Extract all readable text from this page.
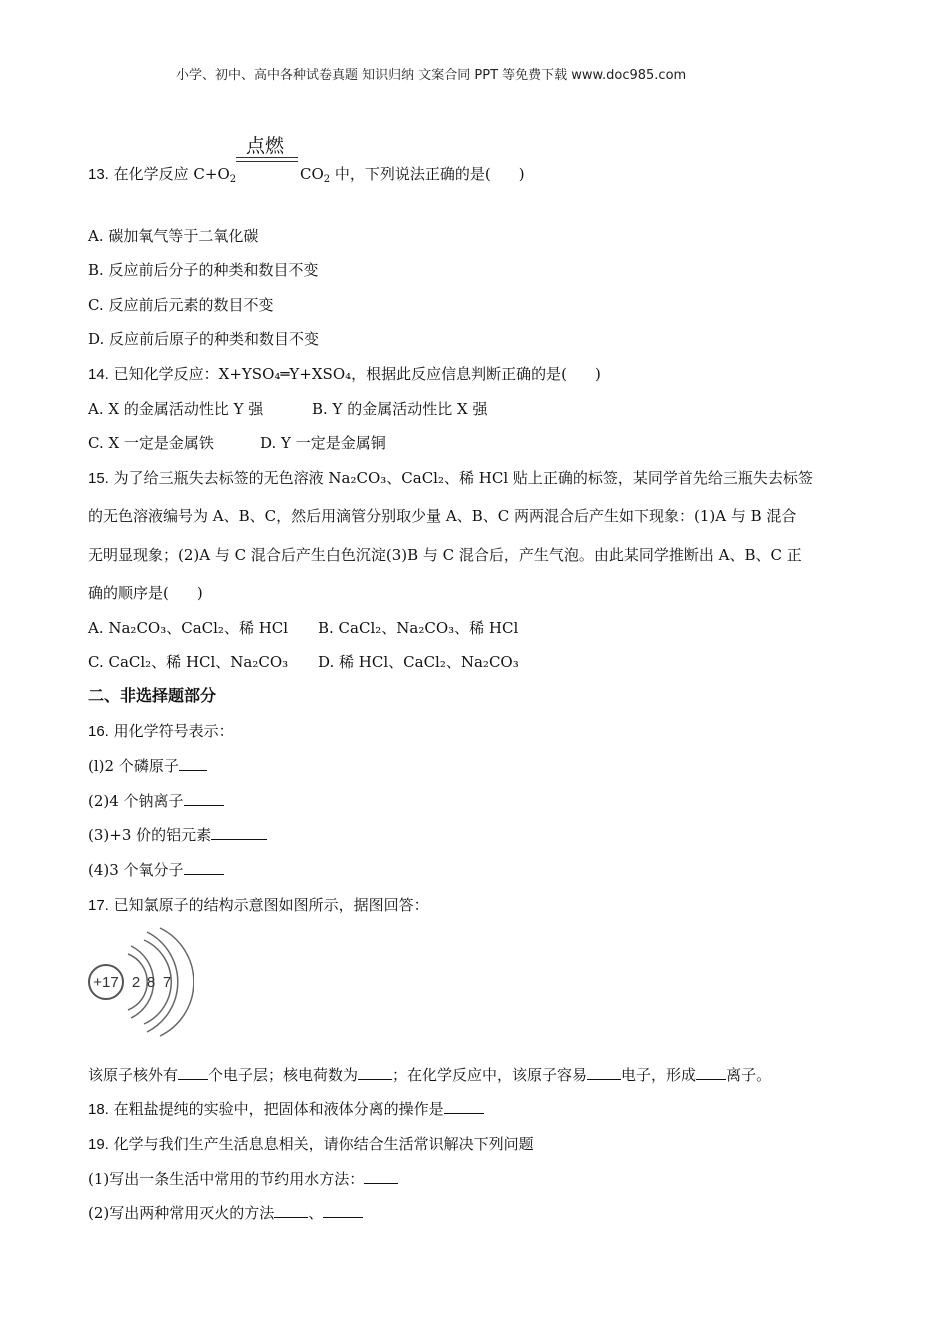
小学、初中、高中各种试卷真题 知识归纳 文案合同 PPT 等免费下载 www.doc985.com
点燃
13. 在化学反应 $C+O_2$	$CO_2$ 中，下列说法正确的是( )
A. 碳加氧气等于二氧化碳
B. 反应前后分子的种类和数目不变
C. 反应前后元素的数目不变
D. 反应前后原子的种类和数目不变
14. 已知化学反应：X+YSO₄═Y+XSO₄，根据此反应信息判断正确的是( )
A. X 的金属活动性比 Y 强	B. Y 的金属活动性比 X 强
C. X 一定是金属铁	D. Y 一定是金属铜
15. 为了给三瓶失去标签的无色溶液 Na₂CO₃、CaCl₂、稀 HCl 贴上正确的标签，某同学首先给三瓶失去标签
的无色溶液编号为 A、B、C，然后用滴管分别取少量 A、B、C 两两混合后产生如下现象：(1)A 与 B 混合
无明显现象；(2)A 与 C 混合后产生白色沉淀(3)B 与 C 混合后，产生气泡。由此某同学推断出 A、B、C 正
确的顺序是( )
A. Na₂CO₃、CaCl₂、稀 HCl B. CaCl₂、Na₂CO₃、稀 HCl
C. CaCl₂、稀 HCl、Na₂CO₃ D. 稀 HCl、CaCl₂、Na₂CO₃
二、非选择题部分
16. 用化学符号表示：
(l)2 个磷原子
(2)4 个钠离子
(3)+3 价的铝元素
(4)3 个氧分子
17. 已知氯原子的结构示意图如图所示，据图回答：
+17 2 8 7
该原子核外有 个电子层；核电荷数为 ；在化学反应中，该原子容易 电子，形成 离子。
18. 在粗盐提纯的实验中，把固体和液体分离的操作是
19. 化学与我们生产生活息息相关，请你结合生活常识解决下列问题
(1)写出一条生活中常用的节约用水方法：
(2)写出两种常用灭火的方法 、
